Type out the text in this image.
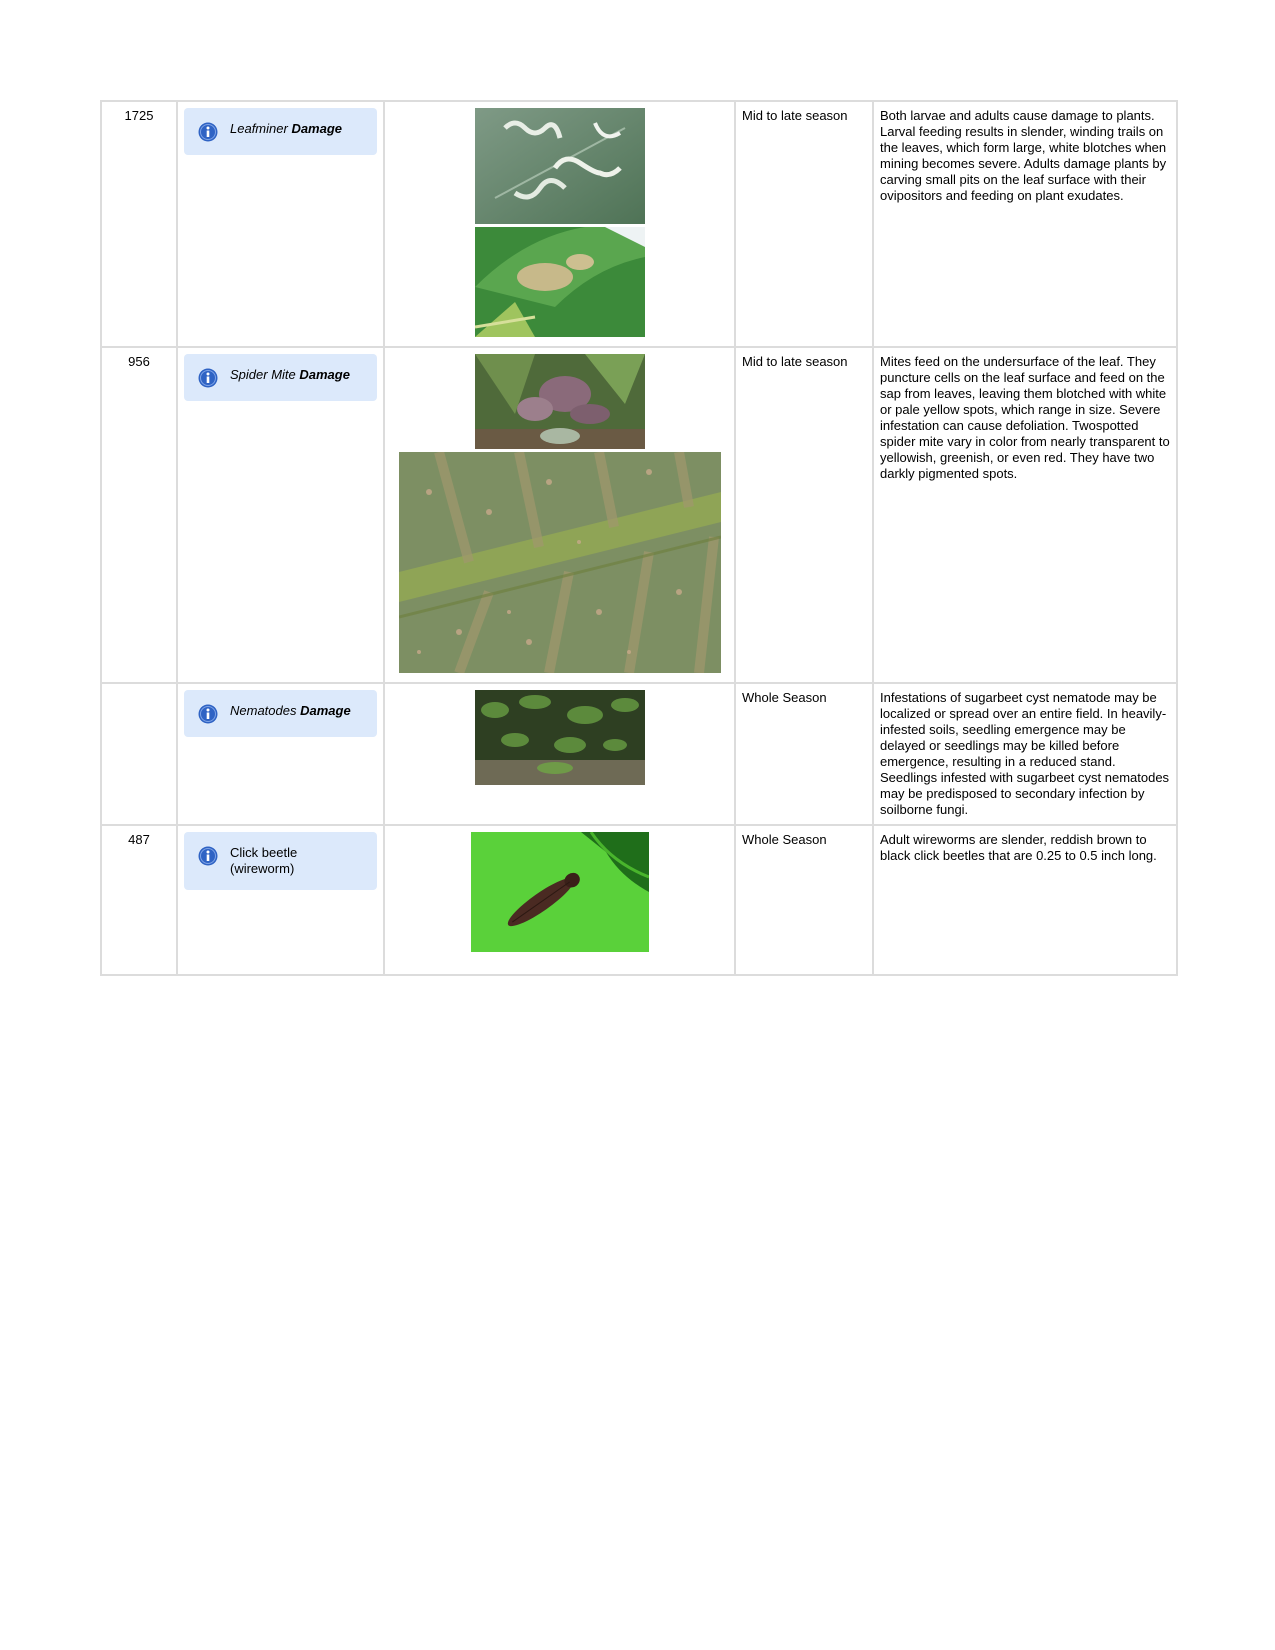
1725	Leafminer Damage		Mid to late season	Both larvae and adults cause damage to plants. Larval feeding results in slender, winding trails on the leaves, which form large, white blotches when mining becomes severe. Adults damage plants by carving small pits on the leaf surface with their ovipositors and feeding on plant exudates.
956	Spider Mite Damage		Mid to late season	Mites feed on the undersurface of the leaf. They puncture cells on the leaf surface and feed on the sap from leaves, leaving them blotched with white or pale yellow spots, which range in size. Severe infestation can cause defoliation. Twospotted spider mite vary in color from nearly transparent to yellowish, greenish, or even red. They have two darkly pigmented spots.

	Nematodes Damage		Whole Season	Infestations of sugarbeet cyst nematode may be localized or spread over an entire field. In heavily-infested soils, seedling emergence may be delayed or seedlings may be killed before emergence, resulting in a reduced stand. Seedlings infested with sugarbeet cyst nematodes may be predisposed to secondary infection by soilborne fungi.
487	Click beetle (wireworm)		Whole Season	Adult wireworms are slender, reddish brown to black click beetles that are 0.25 to 0.5 inch long.
